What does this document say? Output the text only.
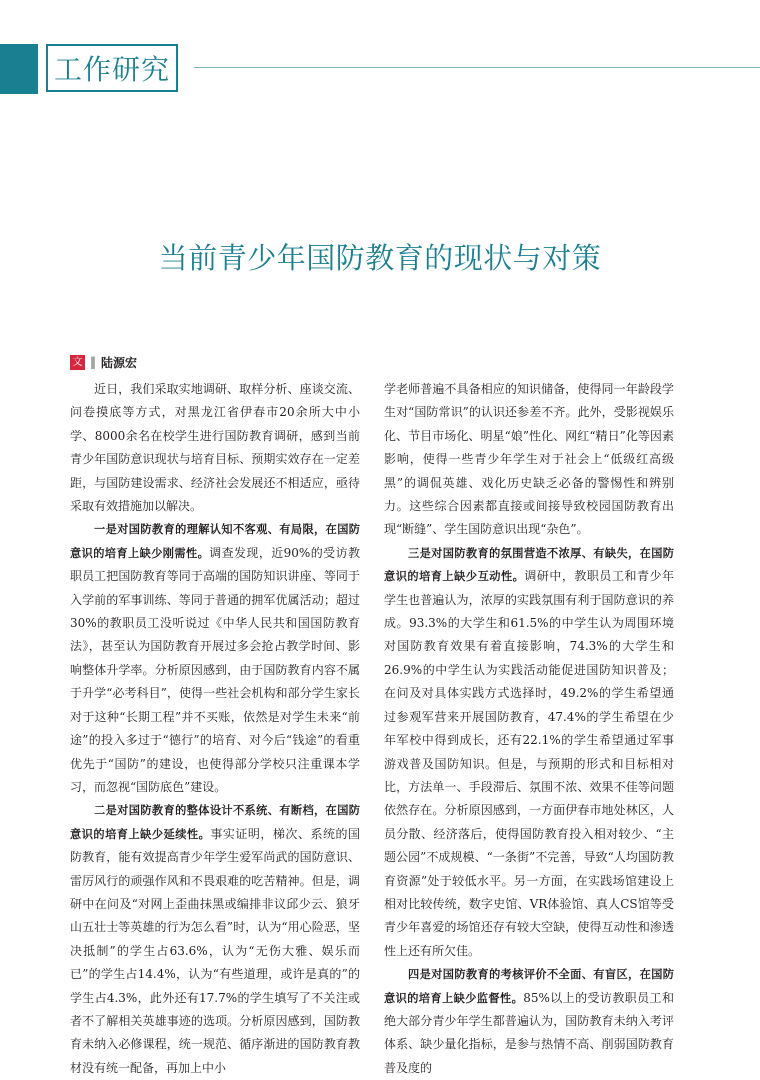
工作研究
当前青少年国防教育的现状与对策
文 ‖ 陆源宏

近日，我们采取实地调研、取样分析、座谈交流、问卷摸底等方式，对黑龙江省伊春市20余所大中小学、8000余名在校学生进行国防教育调研，感到当前青少年国防意识现状与培育目标、预期实效存在一定差距，与国防建设需求、经济社会发展还不相适应，亟待采取有效措施加以解决。

一是对国防教育的理解认知不客观、有局限，在国防意识的培育上缺少刚需性。调查发现，近90%的受访教职员工把国防教育等同于高端的国防知识讲座、等同于入学前的军事训练、等同于普通的拥军优属活动；超过30%的教职员工没听说过《中华人民共和国国防教育法》，甚至认为国防教育开展过多会抢占教学时间、影响整体升学率。分析原因感到，由于国防教育内容不属于升学“必考科目”，使得一些社会机构和部分学生家长对于这种“长期工程”并不买账，依然是对学生未来“前途”的投入多过于“德行”的培育、对今后“钱途”的看重优先于“国防”的建设，也使得部分学校只注重课本学习，而忽视“国防底色”建设。

二是对国防教育的整体设计不系统、有断档，在国防意识的培育上缺少延续性。事实证明，梯次、系统的国防教育，能有效提高青少年学生爱军尚武的国防意识、雷厉风行的顽强作风和不畏艰难的吃苦精神。但是，调研中在问及“对网上歪曲抹黑或编排非议邱少云、狼牙山五壮士等英雄的行为怎么看”时，认为“用心险恶，坚决抵制”的学生占63.6%，认为“无伤大雅、娱乐而已”的学生占14.4%，认为“有些道理，或许是真的”的学生占4.3%，此外还有17.7%的学生填写了不关注或者不了解相关英雄事迹的选项。分析原因感到，国防教育未纳入必修课程，统一规范、循序渐进的国防教育教材没有统一配备，再加上中小

学老师普遍不具备相应的知识储备，使得同一年龄段学生对“国防常识”的认识还参差不齐。此外，受影视娱乐化、节目市场化、明星“娘”性化、网红“精日”化等因素影响，使得一些青少年学生对于社会上“低级红高级黑”的调侃英雄、戏化历史缺乏必备的警惕性和辨别力。这些综合因素都直接或间接导致校园国防教育出现“断缝”、学生国防意识出现“杂色”。

三是对国防教育的氛围营造不浓厚、有缺失，在国防意识的培育上缺少互动性。调研中，教职员工和青少年学生也普遍认为，浓厚的实践氛围有利于国防意识的养成。93.3%的大学生和61.5%的中学生认为周围环境对国防教育效果有着直接影响，74.3%的大学生和26.9%的中学生认为实践活动能促进国防知识普及；在问及对具体实践方式选择时，49.2%的学生希望通过参观军营来开展国防教育，47.4%的学生希望在少年军校中得到成长，还有22.1%的学生希望通过军事游戏普及国防知识。但是，与预期的形式和目标相对比，方法单一、手段滞后、氛围不浓、效果不佳等问题依然存在。分析原因感到，一方面伊春市地处林区，人员分散、经济落后，使得国防教育投入相对较少、“主题公园”不成规模、“一条街”不完善，导致“人均国防教育资源”处于较低水平。另一方面，在实践场馆建设上相对比较传统，数字史馆、VR体验馆、真人CS馆等受青少年喜爱的场馆还存有较大空缺，使得互动性和渗透性上还有所欠佳。

四是对国防教育的考核评价不全面、有盲区，在国防意识的培育上缺少监督性。85%以上的受访教职员工和绝大部分青少年学生都普遍认为，国防教育未纳入考评体系、缺少量化指标，是参与热情不高、削弱国防教育普及度的
